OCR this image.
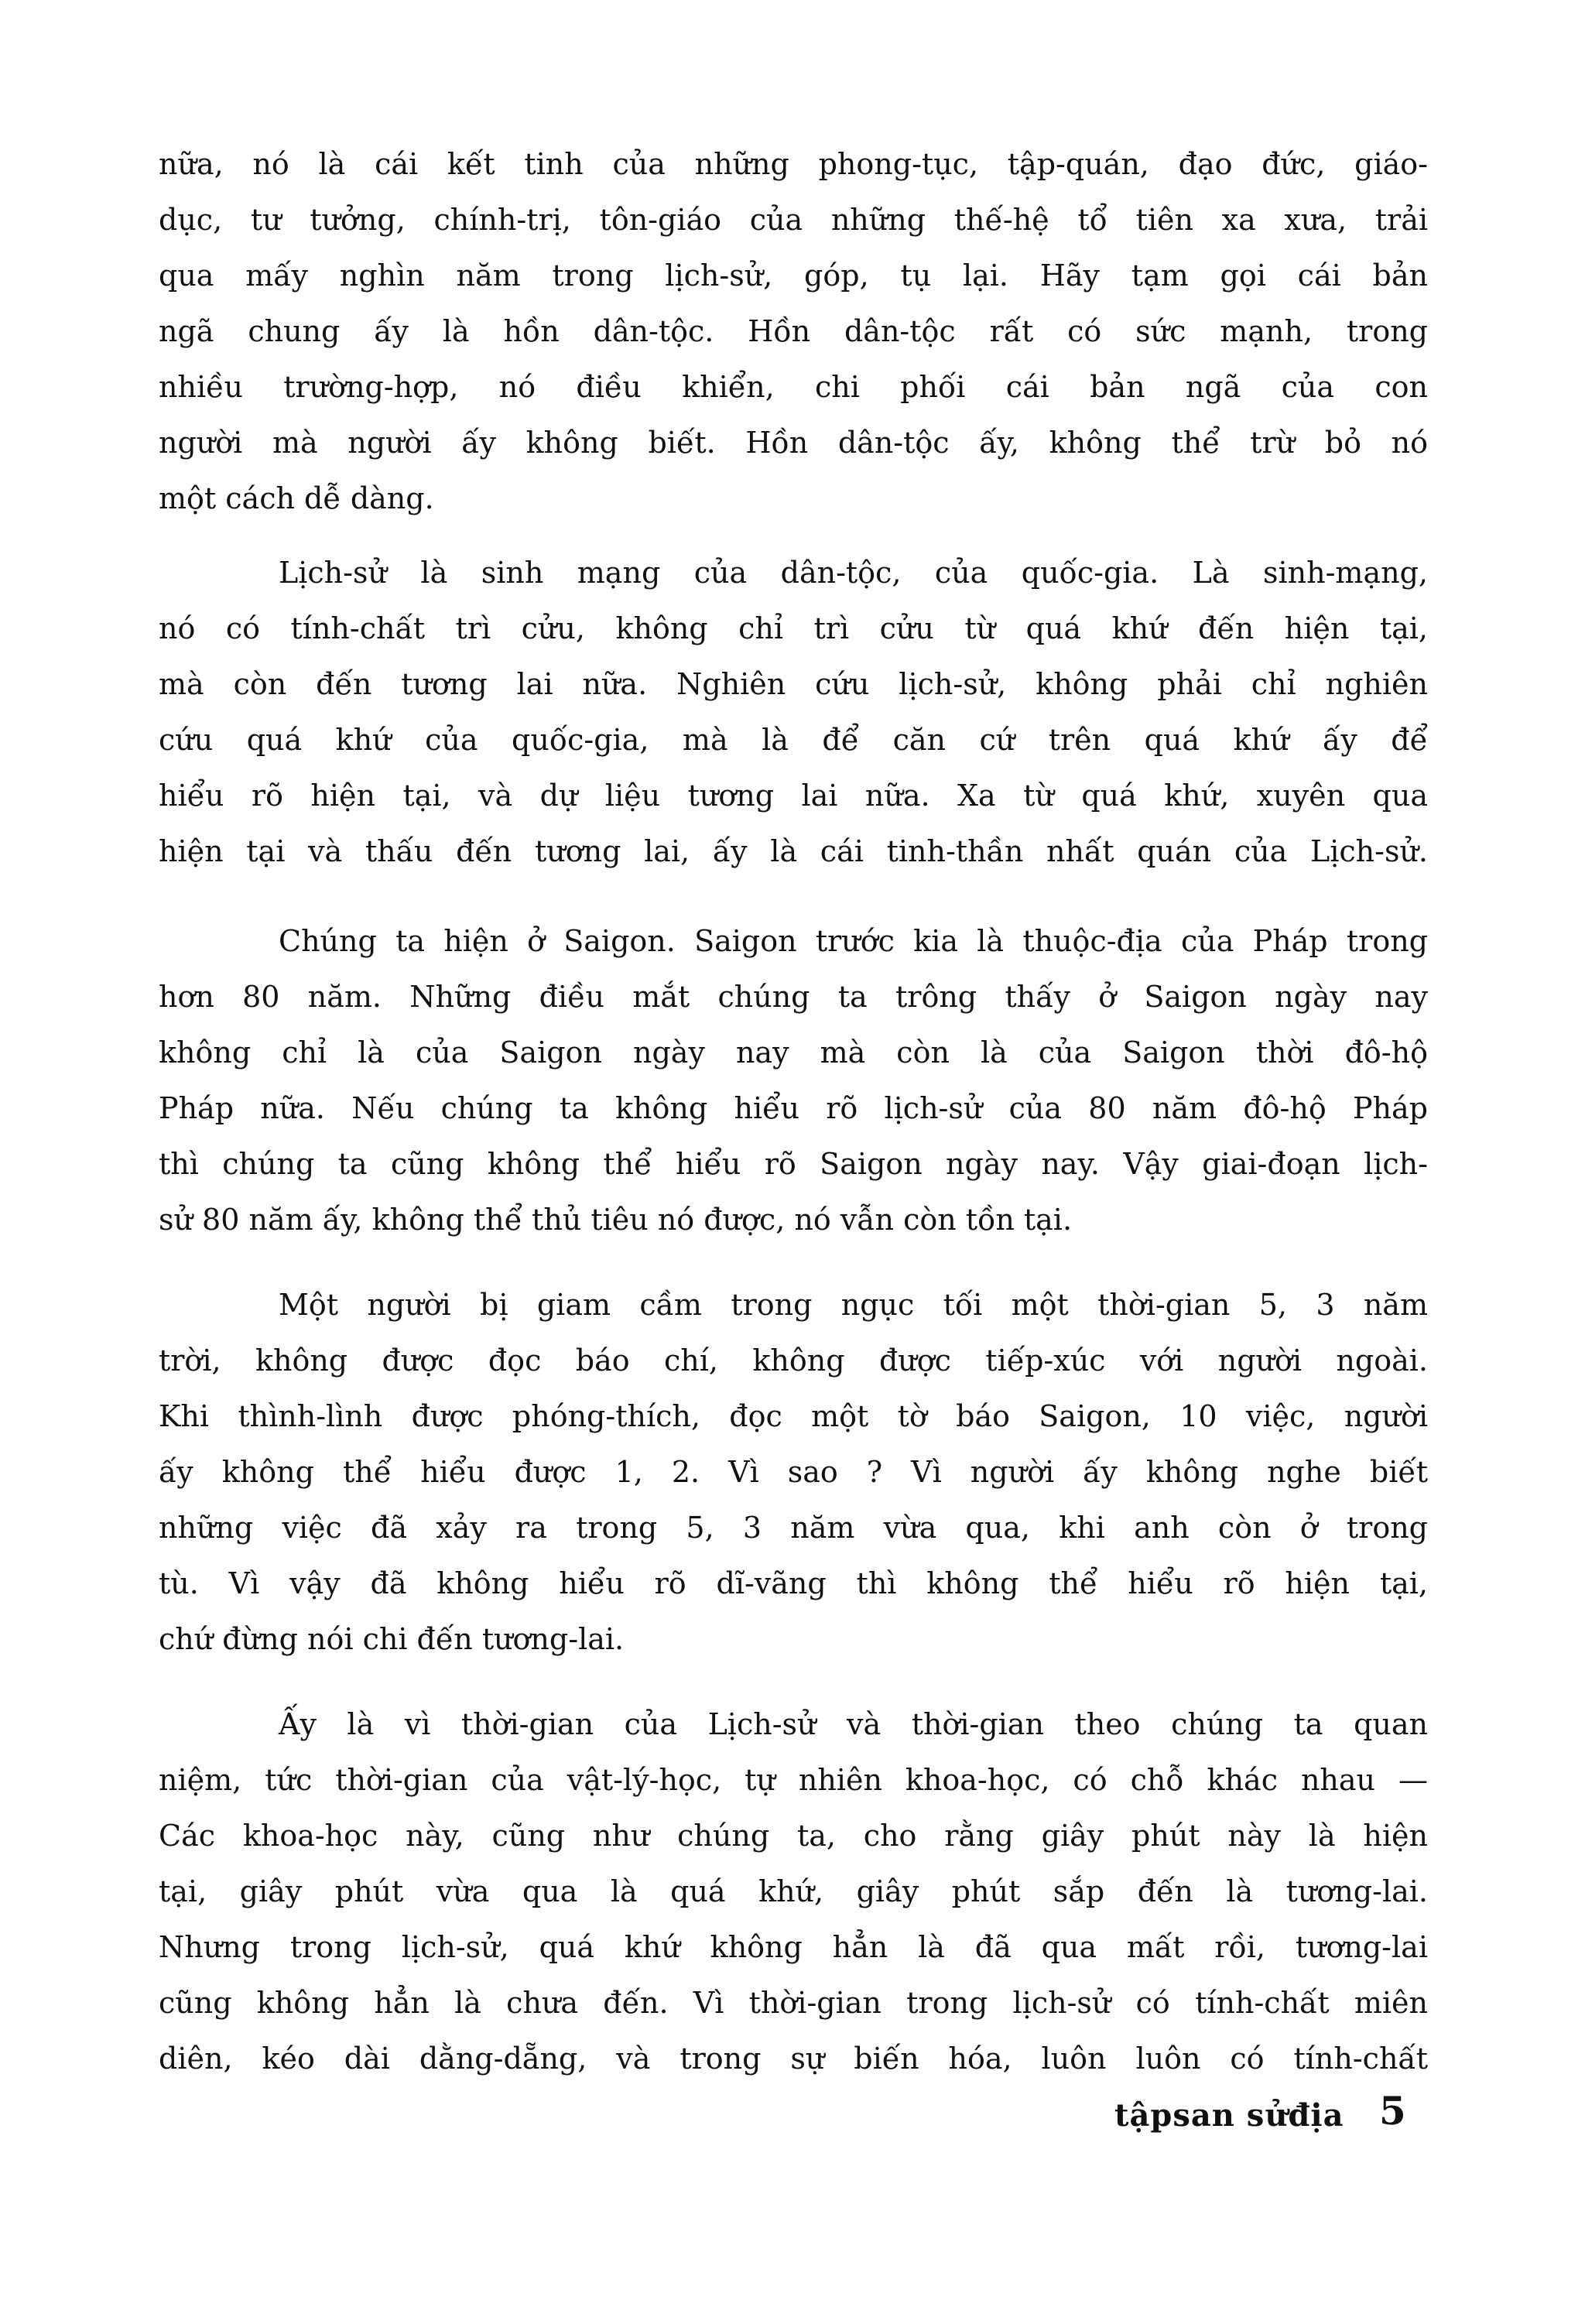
nữa, nó là cái kết tinh của những phong-tục, tập-quán, đạo đức, giáo-
dục, tư tưởng, chính-trị, tôn-giáo của những thế-hệ tổ tiên xa xưa, trải
qua mấy nghìn năm trong lịch-sử, góp, tụ lại. Hãy tạm gọi cái bản
ngã chung ấy là hồn dân-tộc. Hồn dân-tộc rất có sức mạnh, trong
nhiều trường-hợp, nó điều khiển, chi phối cái bản ngã của con
người mà người ấy không biết. Hồn dân-tộc ấy, không thể trừ bỏ nó
một cách dễ dàng.
Lịch-sử là sinh mạng của dân-tộc, của quốc-gia. Là sinh-mạng,
nó có tính-chất trì cửu, không chỉ trì cửu từ quá khứ đến hiện tại,
mà còn đến tương lai nữa. Nghiên cứu lịch-sử, không phải chỉ nghiên
cứu quá khứ của quốc-gia, mà là để căn cứ trên quá khứ ấy để
hiểu rõ hiện tại, và dự liệu tương lai nữa. Xa từ quá khứ, xuyên qua
hiện tại và thấu đến tương lai, ấy là cái tinh-thần nhất quán của Lịch-sử.
Chúng ta hiện ở Saigon. Saigon trước kia là thuộc-địa của Pháp trong
hơn 80 năm. Những điều mắt chúng ta trông thấy ở Saigon ngày nay
không chỉ là của Saigon ngày nay mà còn là của Saigon thời đô-hộ
Pháp nữa. Nếu chúng ta không hiểu rõ lịch-sử của 80 năm đô-hộ Pháp
thì chúng ta cũng không thể hiểu rõ Saigon ngày nay. Vậy giai-đoạn lịch-
sử 80 năm ấy, không thể thủ tiêu nó được, nó vẫn còn tồn tại.
Một người bị giam cầm trong ngục tối một thời-gian 5, 3 năm
trời, không được đọc báo chí, không được tiếp-xúc với người ngoài.
Khi thình-lình được phóng-thích, đọc một tờ báo Saigon, 10 việc, người
ấy không thể hiểu được 1, 2. Vì sao ? Vì người ấy không nghe biết
những việc đã xảy ra trong 5, 3 năm vừa qua, khi anh còn ở trong
tù. Vì vậy đã không hiểu rõ dĩ-vãng thì không thể hiểu rõ hiện tại,
chứ đừng nói chi đến tương-lai.
Ấy là vì thời-gian của Lịch-sử và thời-gian theo chúng ta quan
niệm, tức thời-gian của vật-lý-học, tự nhiên khoa-học, có chỗ khác nhau —
Các khoa-học này, cũng như chúng ta, cho rằng giây phút này là hiện
tại, giây phút vừa qua là quá khứ, giây phút sắp đến là tương-lai.
Nhưng trong lịch-sử, quá khứ không hẳn là đã qua mất rồi, tương-lai
cũng không hẳn là chưa đến. Vì thời-gian trong lịch-sử có tính-chất miên
diên, kéo dài dằng-dẵng, và trong sự biến hóa, luôn luôn có tính-chất
tậpsan sửđịa 5
